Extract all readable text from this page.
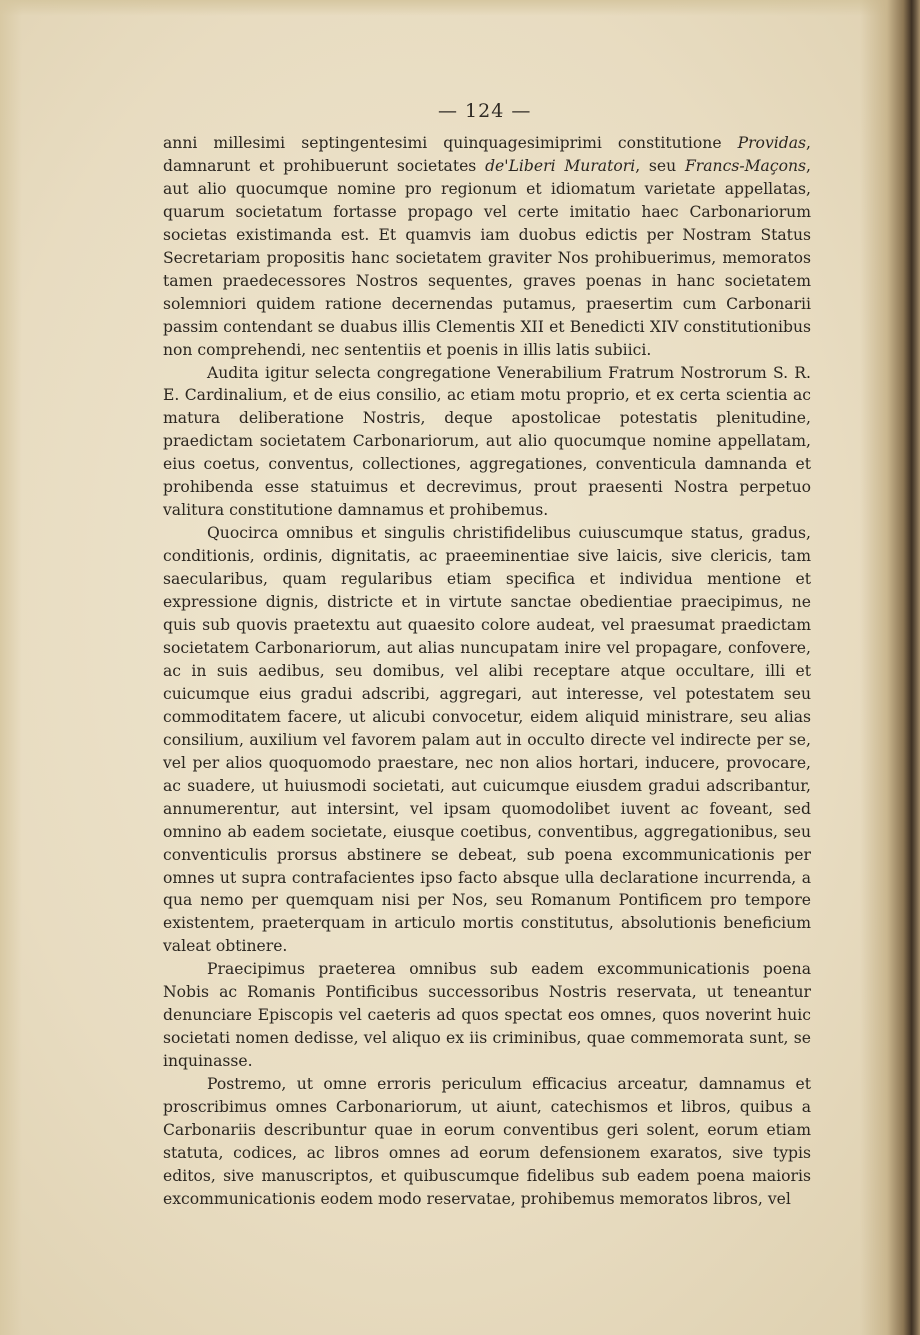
— 124 —

anni millesimi septingentesimi quinquagesimiprimi constitutione Providas, damnarunt et prohibuerunt societates de'Liberi Muratori, seu Francs-Maçons, aut alio quocumque nomine pro regionum et idiomatum varietate appellatas, quarum societatum fortasse propago vel certe imitatio haec Carbonariorum societas existimanda est. Et quamvis iam duobus edictis per Nostram Status Secretariam propositis hanc societatem graviter Nos prohibuerimus, memoratos tamen praedecessores Nostros sequentes, graves poenas in hanc societatem solemniori quidem ratione decernendas putamus, praesertim cum Carbonarii passim contendant se duabus illis Clementis XII et Benedicti XIV constitutionibus non comprehendi, nec sententiis et poenis in illis latis subiici.

Audita igitur selecta congregatione Venerabilium Fratrum Nostrorum S. R. E. Cardinalium, et de eius consilio, ac etiam motu proprio, et ex certa scientia ac matura deliberatione Nostris, deque apostolicae potestatis plenitudine, praedictam societatem Carbonariorum, aut alio quocumque nomine appellatam, eius coetus, conventus, collectiones, aggregationes, conventicula damnanda et prohibenda esse statuimus et decrevimus, prout praesenti Nostra perpetuo valitura constitutione damnamus et prohibemus.

Quocirca omnibus et singulis christifidelibus cuiuscumque status, gradus, conditionis, ordinis, dignitatis, ac praeeminentiae sive laicis, sive clericis, tam saecularibus, quam regularibus etiam specifica et individua mentione et expressione dignis, districte et in virtute sanctae obedientiae praecipimus, ne quis sub quovis praetextu aut quaesito colore audeat, vel praesumat praedictam societatem Carbonariorum, aut alias nuncupatam inire vel propagare, confovere, ac in suis aedibus, seu domibus, vel alibi receptare atque occultare, illi et cuicumque eius gradui adscribi, aggregari, aut interesse, vel potestatem seu commoditatem facere, ut alicubi convocetur, eidem aliquid ministrare, seu alias consilium, auxilium vel favorem palam aut in occulto directe vel indirecte per se, vel per alios quoquomodo praestare, nec non alios hortari, inducere, provocare, ac suadere, ut huiusmodi societati, aut cuicumque eiusdem gradui adscribantur, annumerentur, aut intersint, vel ipsam quomodolibet iuvent ac foveant, sed omnino ab eadem societate, eiusque coetibus, conventibus, aggregationibus, seu conventiculis prorsus abstinere se debeat, sub poena excommunicationis per omnes ut supra contrafacientes ipso facto absque ulla declaratione incurrenda, a qua nemo per quemquam nisi per Nos, seu Romanum Pontificem pro tempore existentem, praeterquam in articulo mortis constitutus, absolutionis beneficium valeat obtinere.

Praecipimus praeterea omnibus sub eadem excommunicationis poena Nobis ac Romanis Pontificibus successoribus Nostris reservata, ut teneantur denunciare Episcopis vel caeteris ad quos spectat eos omnes, quos noverint huic societati nomen dedisse, vel aliquo ex iis criminibus, quae commemorata sunt, se inquinasse.

Postremo, ut omne erroris periculum efficacius arceatur, damnamus et proscribimus omnes Carbonariorum, ut aiunt, catechismos et libros, quibus a Carbonariis describuntur quae in eorum conventibus geri solent, eorum etiam statuta, codices, ac libros omnes ad eorum defensionem exaratos, sive typis editos, sive manuscriptos, et quibuscumque fidelibus sub eadem poena maioris excommunicationis eodem modo reservatae, prohibemus memoratos libros, vel
